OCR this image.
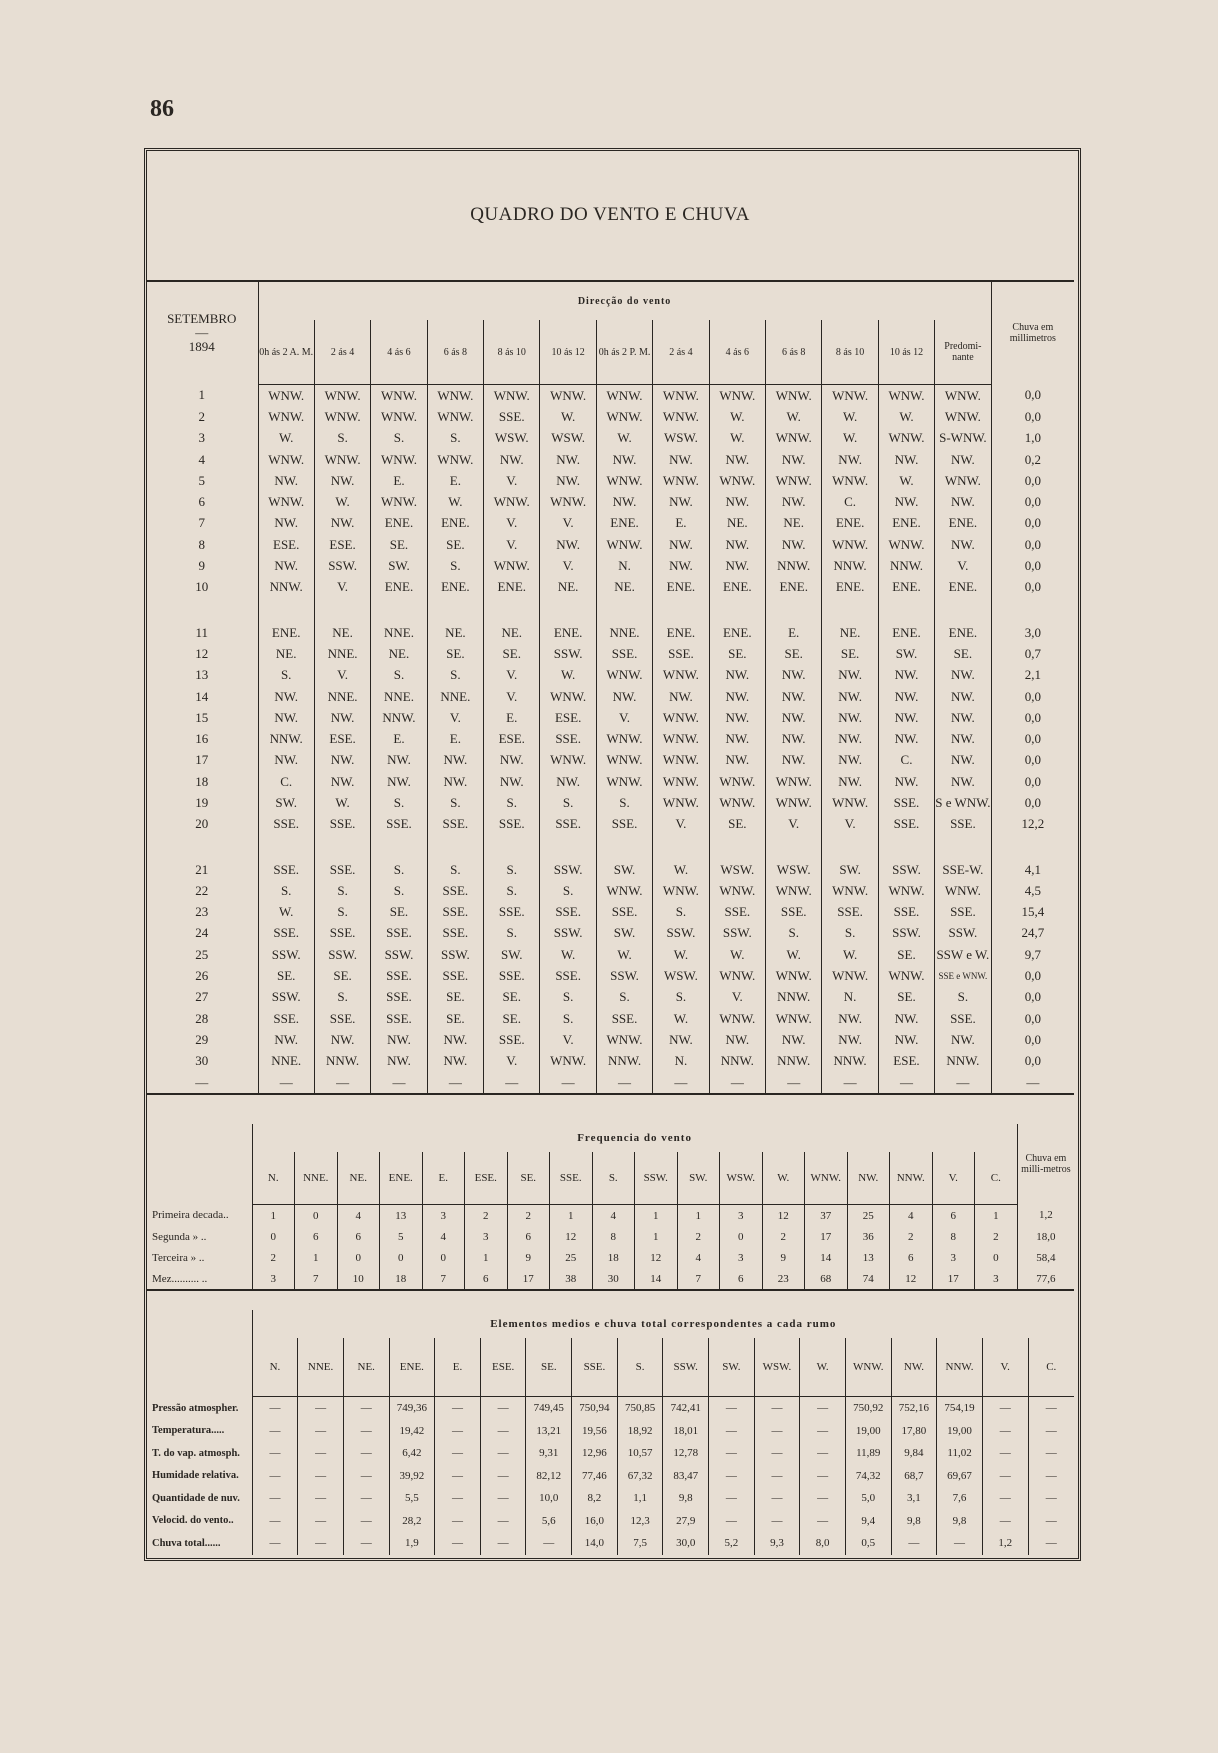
86
QUADRO DO VENTO E CHUVA
SETEMBRO
—
1894	Direcção do vento													Chuva em millimetros
	0h ás 2 A. M.	2 ás 4	4 ás 6	6 ás 8	8 ás 10	10 ás 12	0h ás 2 P. M.	2 ás 4	4 ás 6	6 ás 8	8 ás 10	10 ás 12	Predomi-nante	
1	WNW.	WNW.	WNW.	WNW.	WNW.	WNW.	WNW.	WNW.	WNW.	WNW.	WNW.	WNW.	WNW.	0,0
2	WNW.	WNW.	WNW.	WNW.	SSE.	W.	WNW.	WNW.	W.	W.	W.	W.	WNW.	0,0
3	W.	S.	S.	S.	WSW.	WSW.	W.	WSW.	W.	WNW.	W.	WNW.	S-WNW.	1,0
4	WNW.	WNW.	WNW.	WNW.	NW.	NW.	NW.	NW.	NW.	NW.	NW.	NW.	NW.	0,2
5	NW.	NW.	E.	E.	V.	NW.	WNW.	WNW.	WNW.	WNW.	WNW.	W.	WNW.	0,0
6	WNW.	W.	WNW.	W.	WNW.	WNW.	NW.	NW.	NW.	NW.	C.	NW.	NW.	0,0
7	NW.	NW.	ENE.	ENE.	V.	V.	ENE.	E.	NE.	NE.	ENE.	ENE.	ENE.	0,0
8	ESE.	ESE.	SE.	SE.	V.	NW.	WNW.	NW.	NW.	NW.	WNW.	WNW.	NW.	0,0
9	NW.	SSW.	SW.	S.	WNW.	V.	N.	NW.	NW.	NNW.	NNW.	NNW.	V.	0,0
10	NNW.	V.	ENE.	ENE.	ENE.	NE.	NE.	ENE.	ENE.	ENE.	ENE.	ENE.	ENE.	0,0

11	ENE.	NE.	NNE.	NE.	NE.	ENE.	NNE.	ENE.	ENE.	E.	NE.	ENE.	ENE.	3,0
12	NE.	NNE.	NE.	SE.	SE.	SSW.	SSE.	SSE.	SE.	SE.	SE.	SW.	SE.	0,7
13	S.	V.	S.	S.	V.	W.	WNW.	WNW.	NW.	NW.	NW.	NW.	NW.	2,1
14	NW.	NNE.	NNE.	NNE.	V.	WNW.	NW.	NW.	NW.	NW.	NW.	NW.	NW.	0,0
15	NW.	NW.	NNW.	V.	E.	ESE.	V.	WNW.	NW.	NW.	NW.	NW.	NW.	0,0
16	NNW.	ESE.	E.	E.	ESE.	SSE.	WNW.	WNW.	NW.	NW.	NW.	NW.	NW.	0,0
17	NW.	NW.	NW.	NW.	NW.	WNW.	WNW.	WNW.	NW.	NW.	NW.	C.	NW.	0,0
18	C.	NW.	NW.	NW.	NW.	NW.	WNW.	WNW.	WNW.	WNW.	NW.	NW.	NW.	0,0
19	SW.	W.	S.	S.	S.	S.	S.	WNW.	WNW.	WNW.	WNW.	SSE.	S e WNW.	0,0
20	SSE.	SSE.	SSE.	SSE.	SSE.	SSE.	SSE.	V.	SE.	V.	V.	SSE.	SSE.	12,2

21	SSE.	SSE.	S.	S.	S.	SSW.	SW.	W.	WSW.	WSW.	SW.	SSW.	SSE-W.	4,1
22	S.	S.	S.	SSE.	S.	S.	WNW.	WNW.	WNW.	WNW.	WNW.	WNW.	WNW.	4,5
23	W.	S.	SE.	SSE.	SSE.	SSE.	SSE.	S.	SSE.	SSE.	SSE.	SSE.	SSE.	15,4
24	SSE.	SSE.	SSE.	SSE.	S.	SSW.	SW.	SSW.	SSW.	S.	S.	SSW.	SSW.	24,7
25	SSW.	SSW.	SSW.	SSW.	SW.	W.	W.	W.	W.	W.	W.	SE.	SSW e W.	9,7
26	SE.	SE.	SSE.	SSE.	SSE.	SSE.	SSW.	WSW.	WNW.	WNW.	WNW.	WNW.	SSE e WNW.	0,0
27	SSW.	S.	SSE.	SE.	SE.	S.	S.	S.	V.	NNW.	N.	SE.	S.	0,0
28	SSE.	SSE.	SSE.	SE.	SE.	S.	SSE.	W.	WNW.	WNW.	NW.	NW.	SSE.	0,0
29	NW.	NW.	NW.	NW.	SSE.	V.	WNW.	NW.	NW.	NW.	NW.	NW.	NW.	0,0
30	NNE.	NNW.	NW.	NW.	V.	WNW.	NNW.	N.	NNW.	NNW.	NNW.	ESE.	NNW.	0,0
—	—	—	—	—	—	—	—	—	—	—	—	—	—	—
	Frequencia do vento																		Chuva em milli-metros
	N.	NNE.	NE.	ENE.	E.	ESE.	SE.	SSE.	S.	SSW.	SW.	WSW.	W.	WNW.	NW.	NNW.	V.	C.	
Primeira decada..	1	0	4	13	3	2	2	1	4	1	1	3	12	37	25	4	6	1	1,2
Segunda » ..	0	6	6	5	4	3	6	12	8	1	2	0	2	17	36	2	8	2	18,0
Terceira » ..	2	1	0	0	0	1	9	25	18	12	4	3	9	14	13	6	3	0	58,4
Mez.......... ..	3	7	10	18	7	6	17	38	30	14	7	6	23	68	74	12	17	3	77,6
	Elementos medios e chuva total correspondentes a cada rumo																	
	N.	NNE.	NE.	ENE.	E.	ESE.	SE.	SSE.	S.	SSW.	SW.	WSW.	W.	WNW.	NW.	NNW.	V.	C.
Pressão atmospher.	—	—	—	749,36	—	—	749,45	750,94	750,85	742,41	—	—	—	750,92	752,16	754,19	—	—
Temperatura.....	—	—	—	19,42	—	—	13,21	19,56	18,92	18,01	—	—	—	19,00	17,80	19,00	—	—
T. do vap. atmosph.	—	—	—	6,42	—	—	9,31	12,96	10,57	12,78	—	—	—	11,89	9,84	11,02	—	—
Humidade relativa.	—	—	—	39,92	—	—	82,12	77,46	67,32	83,47	—	—	—	74,32	68,7	69,67	—	—
Quantidade de nuv.	—	—	—	5,5	—	—	10,0	8,2	1,1	9,8	—	—	—	5,0	3,1	7,6	—	—
Velocid. do vento..	—	—	—	28,2	—	—	5,6	16,0	12,3	27,9	—	—	—	9,4	9,8	9,8	—	—
Chuva total......	—	—	—	1,9	—	—	—	14,0	7,5	30,0	5,2	9,3	8,0	0,5	—	—	1,2	—
